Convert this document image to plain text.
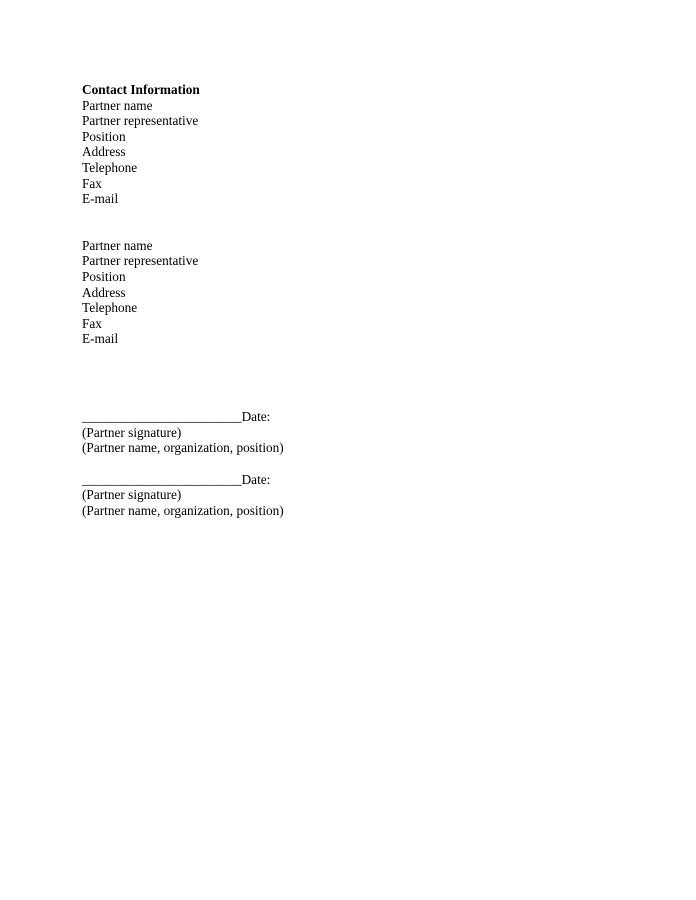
Contact Information
Partner name
Partner representative
Position
Address
Telephone
Fax
E-mail
Partner name
Partner representative
Position
Address
Telephone
Fax
E-mail
________________________Date:
(Partner signature)
(Partner name, organization, position)
________________________Date:
(Partner signature)
(Partner name, organization, position)
